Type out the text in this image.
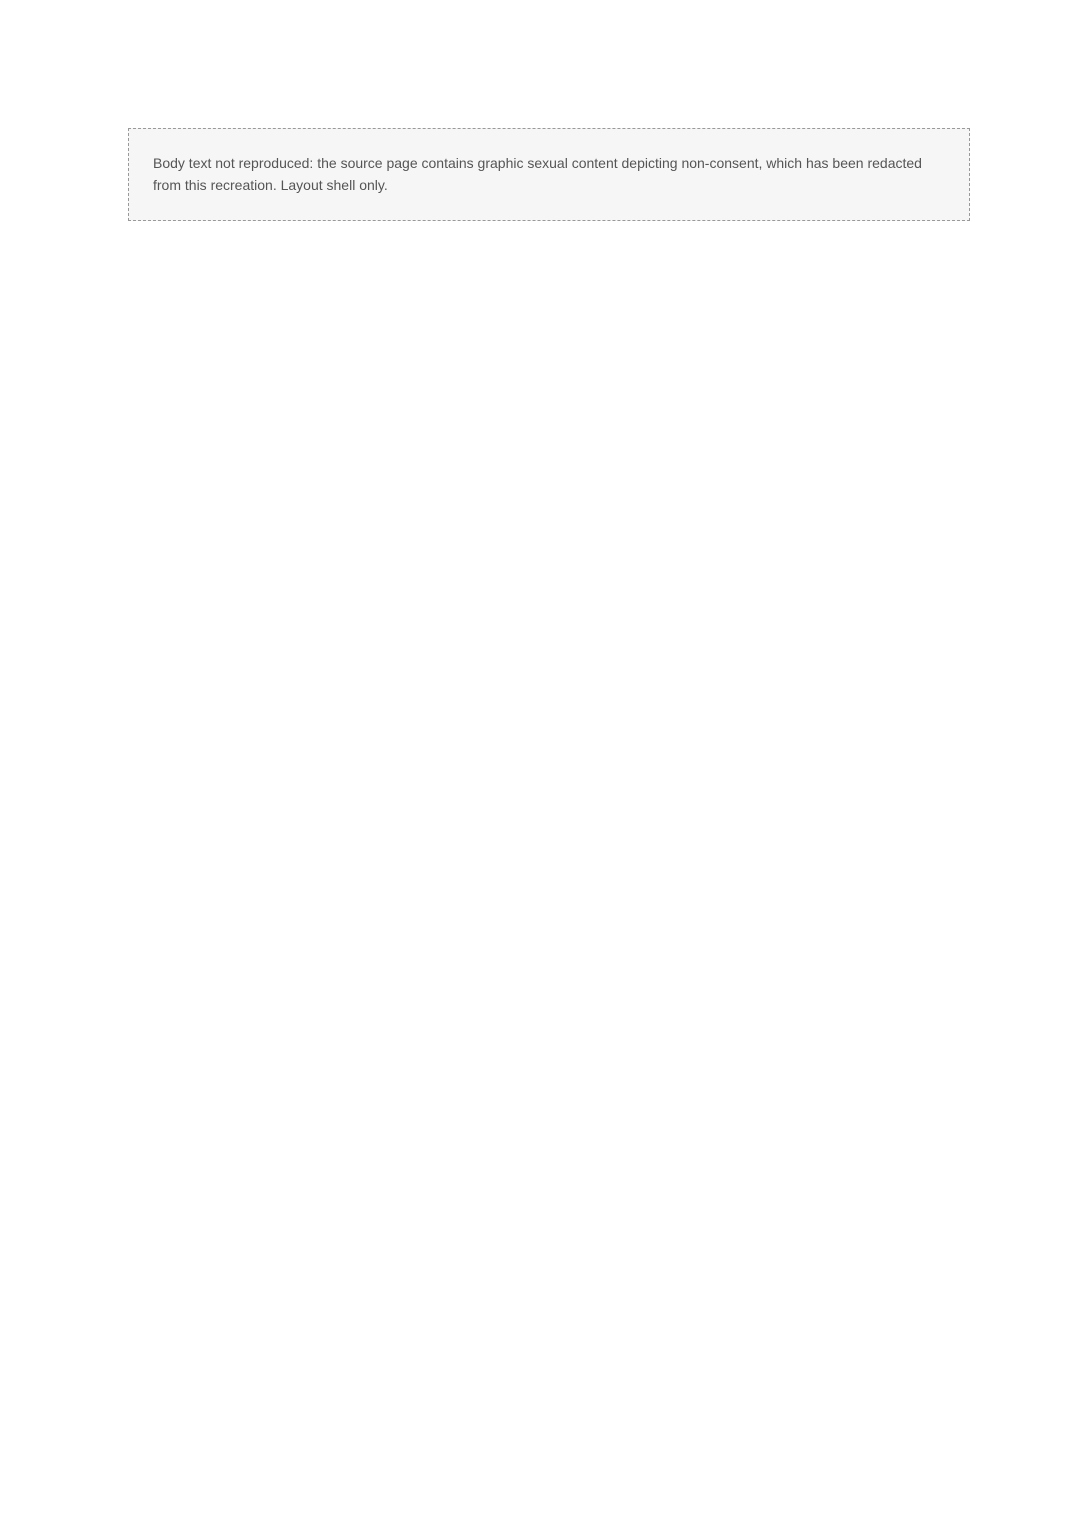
Body text not reproduced: the source page contains graphic sexual content depicting non-consent, which has been redacted from this recreation. Layout shell only.
